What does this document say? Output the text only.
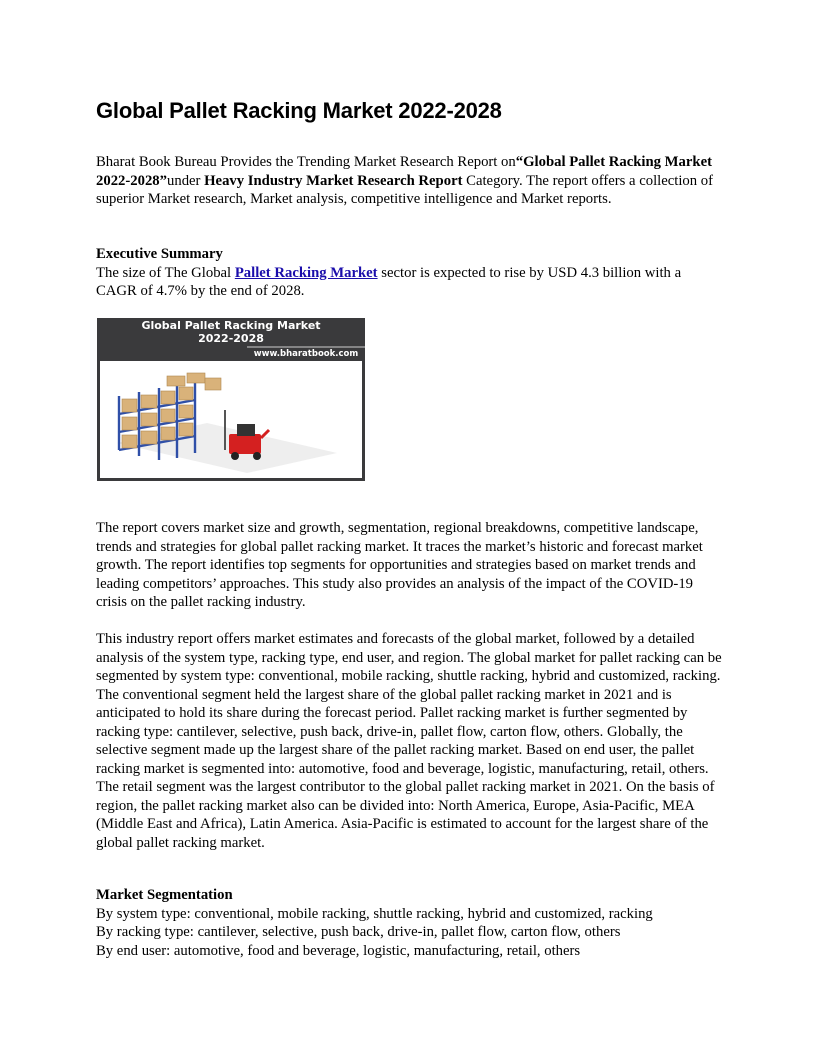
Global Pallet Racking Market 2022-2028

Bharat Book Bureau Provides the Trending Market Research Report on“Global Pallet Racking Market 2022-2028”under Heavy Industry Market Research Report Category. The report offers a collection of superior Market research, Market analysis, competitive intelligence and Market reports.

Executive Summary
The size of The Global Pallet Racking Market sector is expected to rise by USD 4.3 billion with a CAGR of 4.7% by the end of 2028.
Global Pallet Racking Market
2022-2028
www.bharatbook.com

The report covers market size and growth, segmentation, regional breakdowns, competitive landscape, trends and strategies for global pallet racking market. It traces the market’s historic and forecast market growth. The report identifies top segments for opportunities and strategies based on market trends and leading competitors’ approaches. This study also provides an analysis of the impact of the COVID-19 crisis on the pallet racking industry.

This industry report offers market estimates and forecasts of the global market, followed by a detailed analysis of the system type, racking type, end user, and region. The global market for pallet racking can be segmented by system type: conventional, mobile racking, shuttle racking, hybrid and customized, racking. The conventional segment held the largest share of the global pallet racking market in 2021 and is anticipated to hold its share during the forecast period. Pallet racking market is further segmented by racking type: cantilever, selective, push back, drive-in, pallet flow, carton flow, others. Globally, the selective segment made up the largest share of the pallet racking market. Based on end user, the pallet racking market is segmented into: automotive, food and beverage, logistic, manufacturing, retail, others. The retail segment was the largest contributor to the global pallet racking market in 2021. On the basis of region, the pallet racking market also can be divided into: North America, Europe, Asia-Pacific, MEA (Middle East and Africa), Latin America. Asia-Pacific is estimated to account for the largest share of the global pallet racking market.

Market Segmentation
By system type: conventional, mobile racking, shuttle racking, hybrid and customized, racking
By racking type: cantilever, selective, push back, drive-in, pallet flow, carton flow, others
By end user: automotive, food and beverage, logistic, manufacturing, retail, others
